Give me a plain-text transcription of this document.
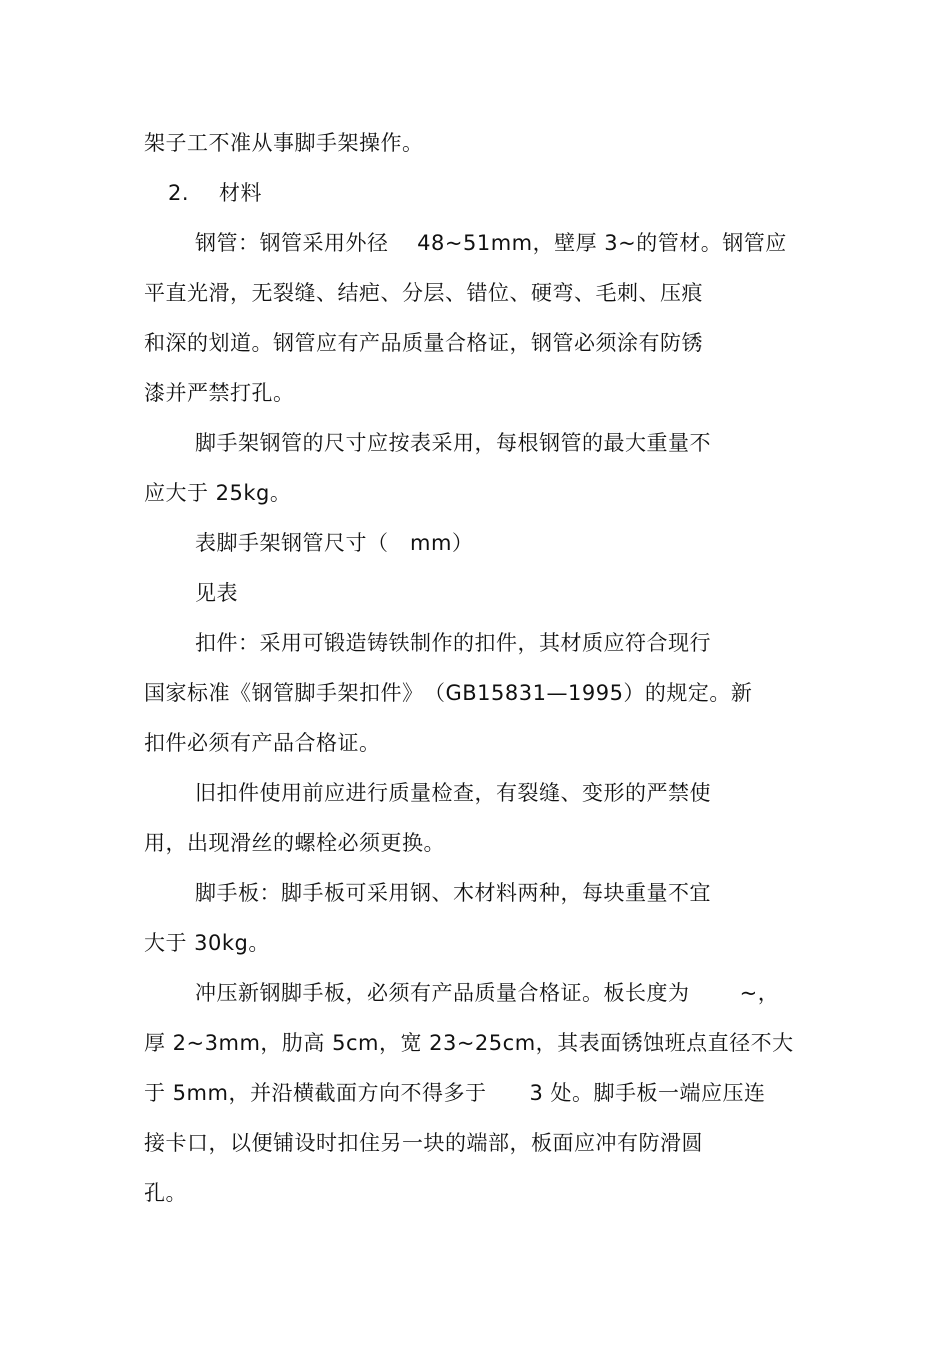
架子工不准从事脚手架操作。
2. 材料
钢管：钢管采用外径　 48~51mm，壁厚 3~的管材。钢管应
平直光滑，无裂缝、结疤、分层、错位、硬弯、毛刺、压痕
和深的划道。钢管应有产品质量合格证，钢管必须涂有防锈
漆并严禁打孔。
脚手架钢管的尺寸应按表采用，每根钢管的最大重量不
应大于 25kg。
表脚手架钢管尺寸（　mm）
见表
扣件：采用可锻造铸铁制作的扣件，其材质应符合现行
国家标准《钢管脚手架扣件》　（GB15831—1995）的规定。新
扣件必须有产品合格证。
旧扣件使用前应进行质量检查，有裂缝、变形的严禁使
用，出现滑丝的螺栓必须更换。
脚手板：脚手板可采用钢、木材料两种，每块重量不宜
大于 30kg。
冲压新钢脚手板，必须有产品质量合格证。板长度为　　 ~，
厚 2~3mm，肋高 5cm，宽 23~25cm，其表面锈蚀班点直径不大
于 5mm，并沿横截面方向不得多于　　3 处。脚手板一端应压连
接卡口，以便铺设时扣住另一块的端部，板面应冲有防滑圆
孔。
